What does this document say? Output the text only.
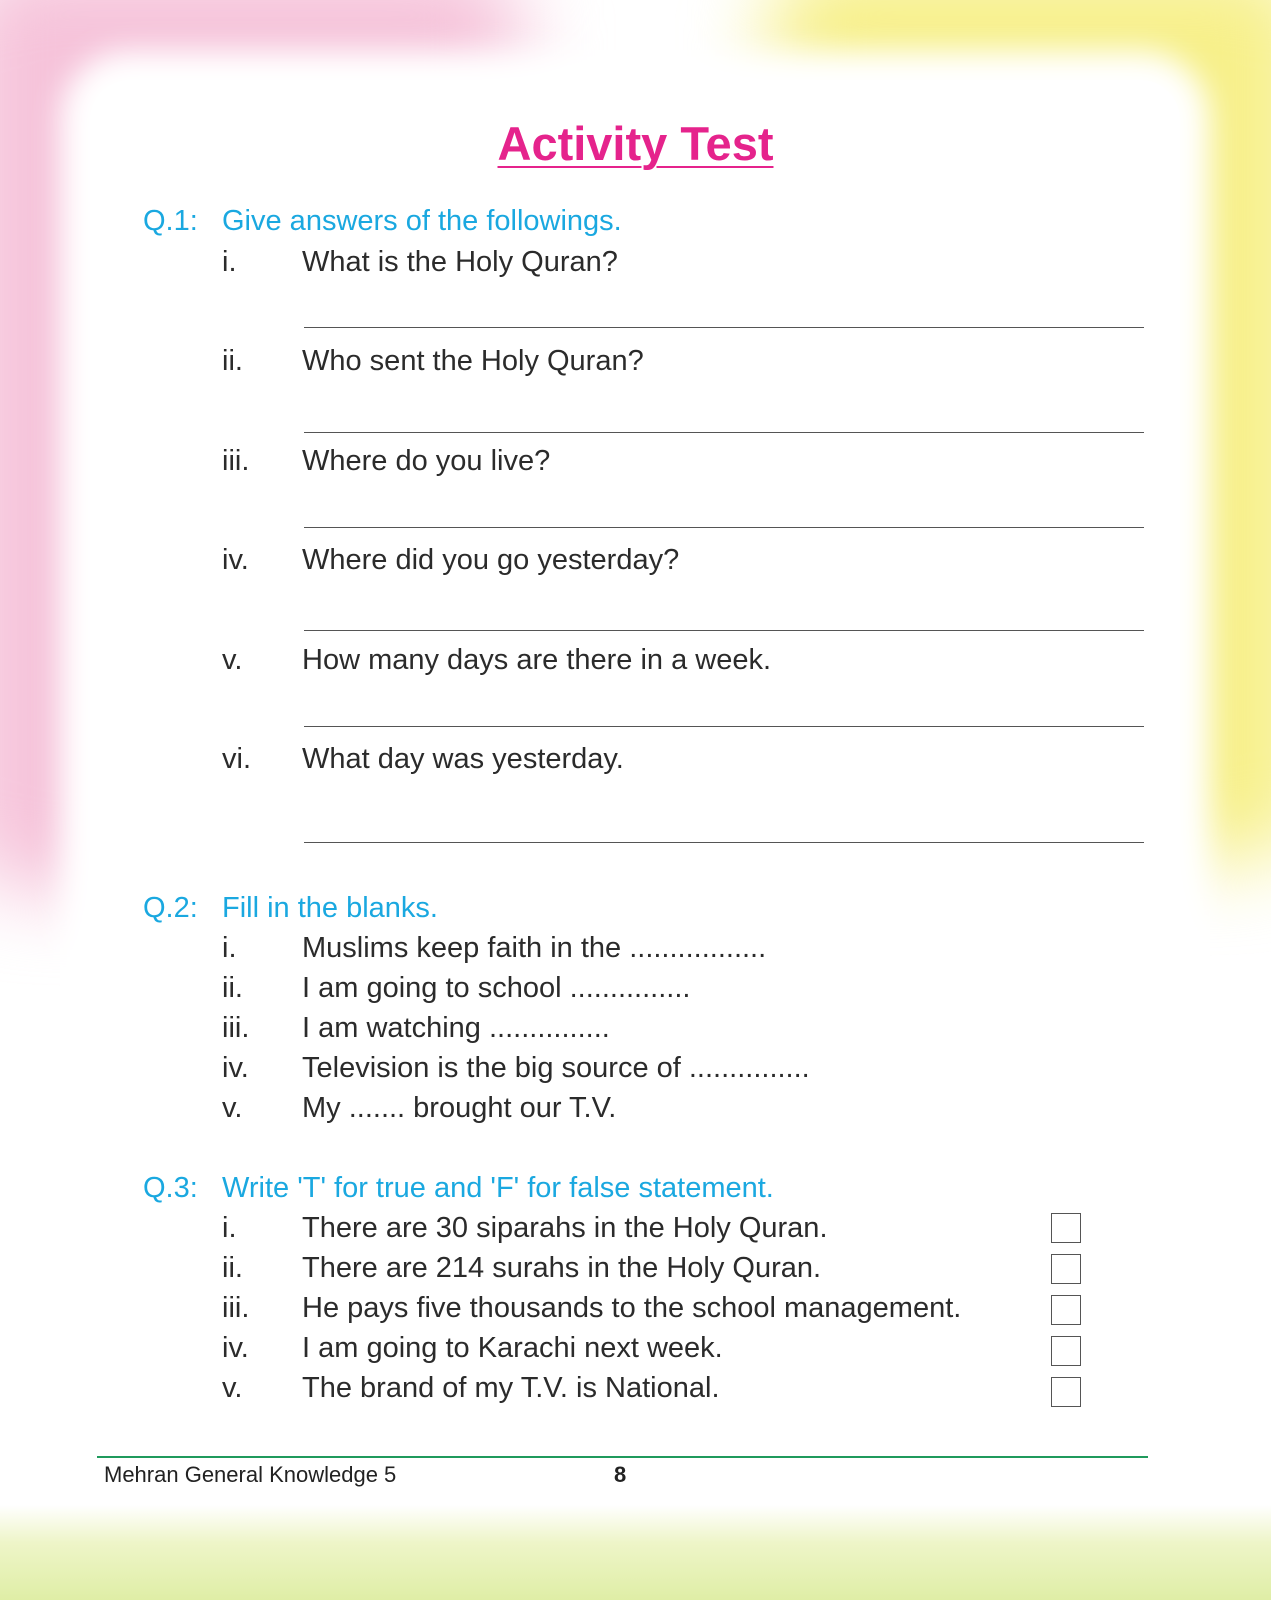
Activity Test
Q.1: Give answers of the followings.
i. What is the Holy Quran?
ii. Who sent the Holy Quran?
iii. Where do you live?
iv. Where did you go yesterday?
v. How many days are there in a week.
vi. What day was yesterday.
Q.2: Fill in the blanks.
i. Muslims keep faith in the .................
ii. I am going to school ...............
iii. I am watching ...............
iv. Television is the big source of ...............
v. My ....... brought our T.V.
Q.3: Write 'T' for true and 'F' for false statement.
i. There are 30 siparahs in the Holy Quran.
ii. There are 214 surahs in the Holy Quran.
iii. He pays five thousands to the school management.
iv. I am going to Karachi next week.
v. The brand of my T.V. is National.
Mehran General Knowledge 5	8
